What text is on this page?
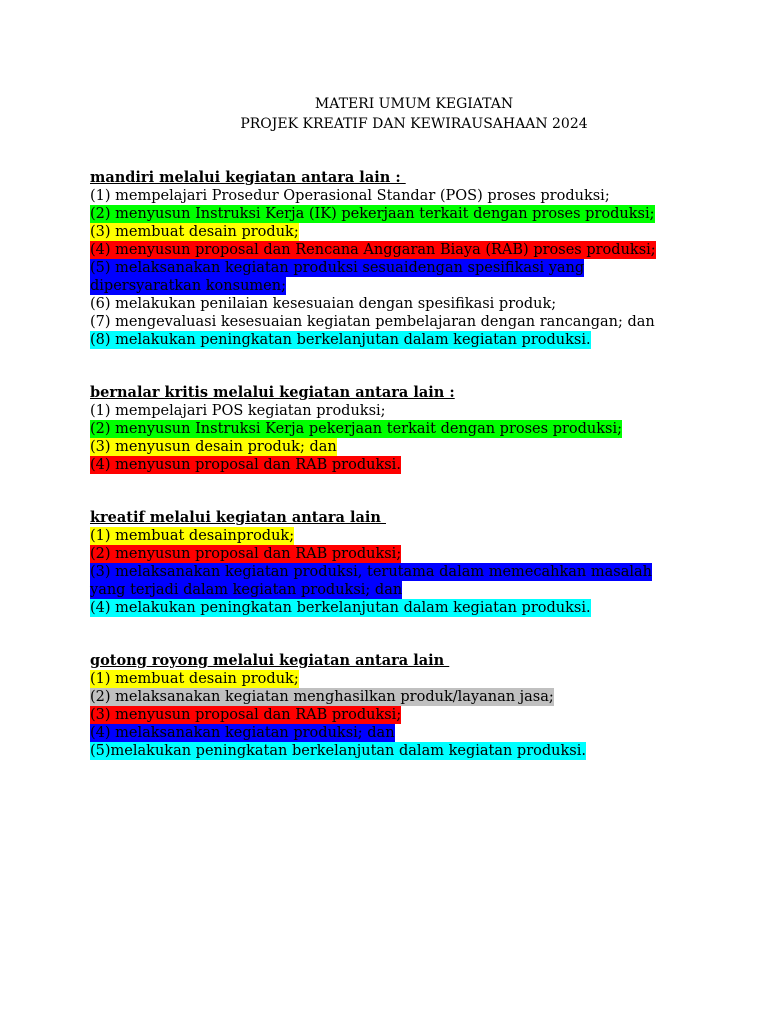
MATERI UMUM KEGIATAN

PROJEK KREATIF DAN KEWIRAUSAHAAN 2024

mandiri melalui kegiatan antara lain :

(1) mempelajari Prosedur Operasional Standar (POS) proses produksi;
(2) menyusun Instruksi Kerja (IK) pekerjaan terkait dengan proses produksi;
(3) membuat desain produk;
(4) menyusun proposal dan Rencana Anggaran Biaya (RAB) proses produksi;
(5) melaksanakan kegiatan produksi sesuaidengan spesifikasi yang
dipersyaratkan konsumen;
(6) melakukan penilaian kesesuaian dengan spesifikasi produk;
(7) mengevaluasi kesesuaian kegiatan pembelajaran dengan rancangan; dan
(8) melakukan peningkatan berkelanjutan dalam kegiatan produksi.

bernalar kritis melalui kegiatan antara lain :

(1) mempelajari POS kegiatan produksi;
(2) menyusun Instruksi Kerja pekerjaan terkait dengan proses produksi;
(3) menyusun desain produk; dan
(4) menyusun proposal dan RAB produksi.

kreatif melalui kegiatan antara lain

(1) membuat desainproduk;
(2) menyusun proposal dan RAB produksi;
(3) melaksanakan kegiatan produksi, terutama dalam memecahkan masalah
yang terjadi dalam kegiatan produksi; dan
(4) melakukan peningkatan berkelanjutan dalam kegiatan produksi.

gotong royong melalui kegiatan antara lain

(1) membuat desain produk;
(2) melaksanakan kegiatan menghasilkan produk/layanan jasa;
(3) menyusun proposal dan RAB produksi;
(4) melaksanakan kegiatan produksi; dan
(5)melakukan peningkatan berkelanjutan dalam kegiatan produksi.
